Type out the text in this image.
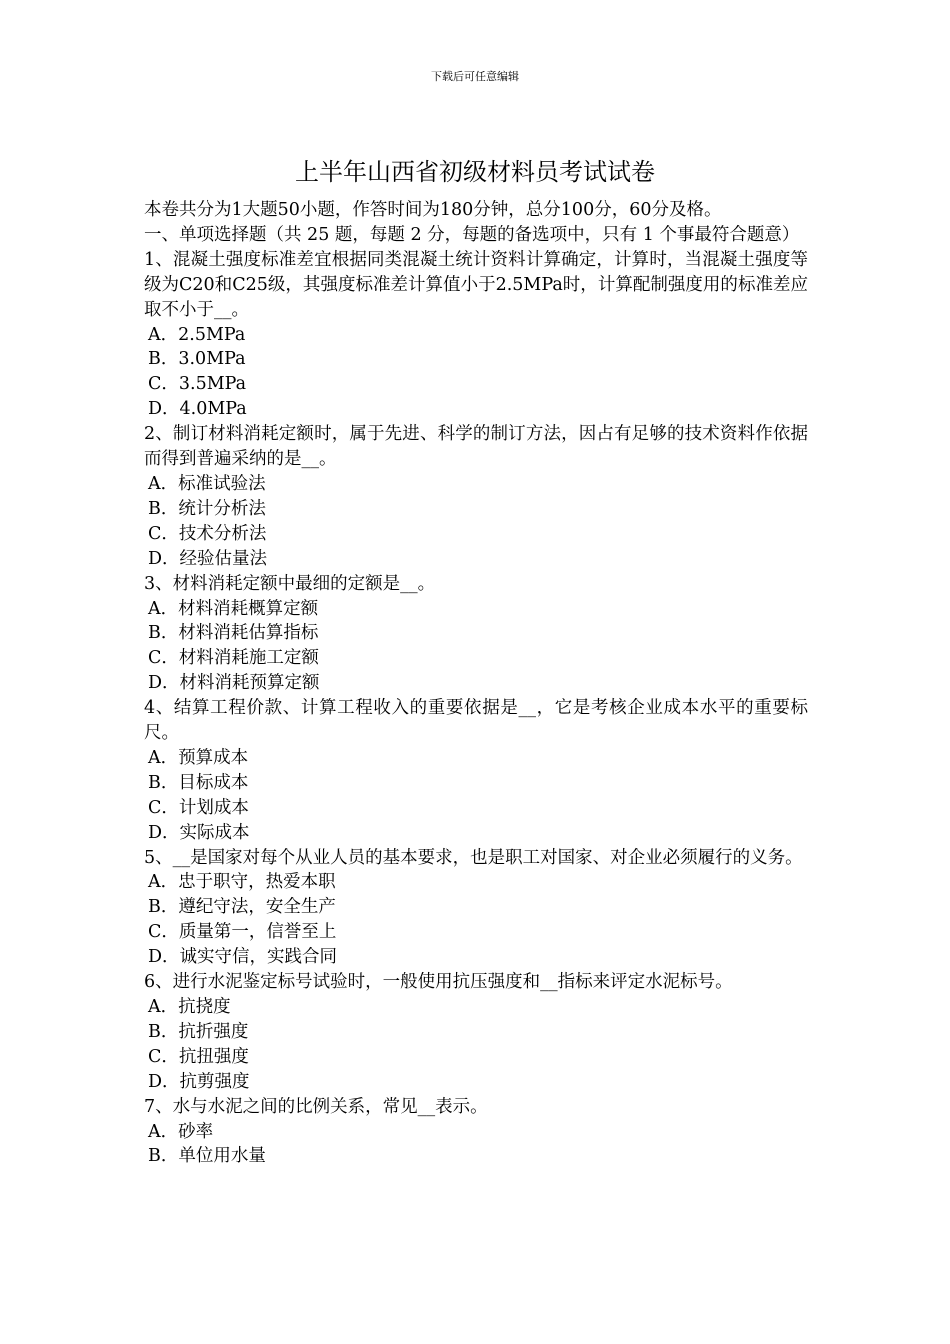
下载后可任意编辑
上半年山西省初级材料员考试试卷

本卷共分为1大题50小题，作答时间为180分钟，总分100分，60分及格。

一、单项选择题（共 25 题，每题 2 分，每题的备选项中，只有 1 个事最符合题意）

1、混凝土强度标准差宜根据同类混凝土统计资料计算确定，计算时，当混凝土强度等级为C20和C25级，其强度标准差计算值小于2.5MPa时，计算配制强度用的标准差应取不小于__。

A．2.5MPa

B．3.0MPa

C．3.5MPa

D．4.0MPa

2、制订材料消耗定额时，属于先进、科学的制订方法，因占有足够的技术资料作依据而得到普遍采纳的是__。

A．标准试验法

B．统计分析法

C．技术分析法

D．经验估量法

3、材料消耗定额中最细的定额是__。

A．材料消耗概算定额

B．材料消耗估算指标

C．材料消耗施工定额

D．材料消耗预算定额

4、结算工程价款、计算工程收入的重要依据是__，它是考核企业成本水平的重要标尺。

A．预算成本

B．目标成本

C．计划成本

D．实际成本

5、__是国家对每个从业人员的基本要求，也是职工对国家、对企业必须履行的义务。

A．忠于职守，热爱本职

B．遵纪守法，安全生产

C．质量第一，信誉至上

D．诚实守信，实践合同

6、进行水泥鉴定标号试验时，一般使用抗压强度和__指标来评定水泥标号。

A．抗挠度

B．抗折强度

C．抗扭强度

D．抗剪强度

7、水与水泥之间的比例关系，常见__表示。

A．砂率

B．单位用水量
